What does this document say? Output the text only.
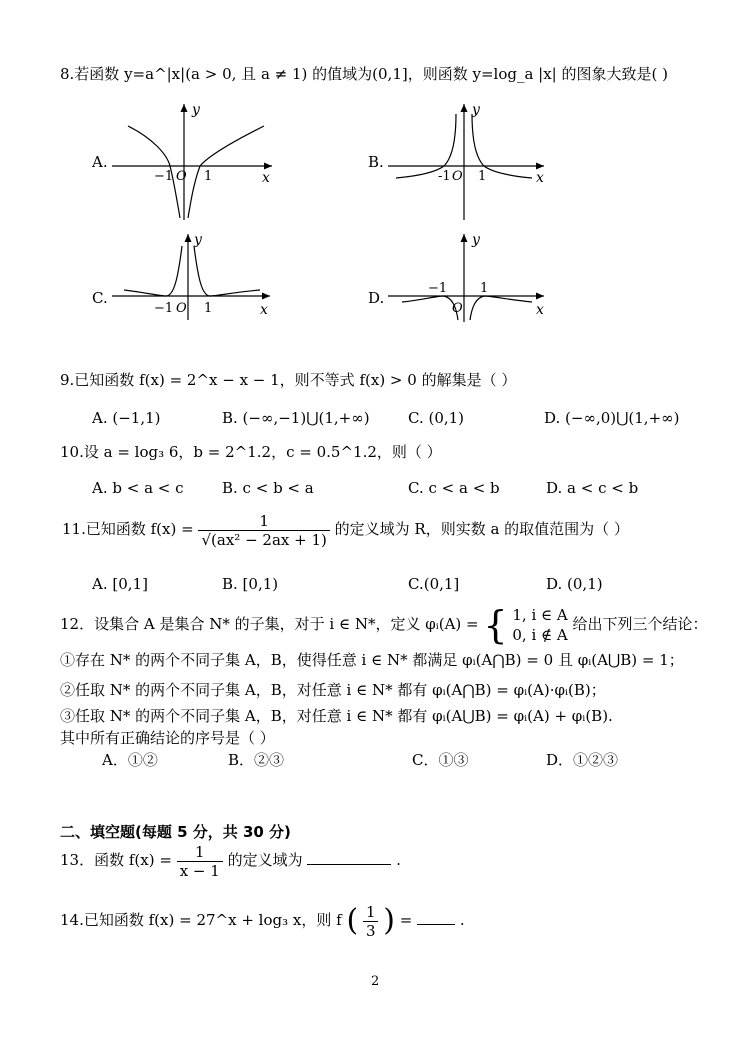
8.若函数 y=a^|x|(a > 0, 且 a ≠ 1) 的值域为(0,1]，则函数 y=log_a |x| 的图象大致是( )
A.
y
x
−1 O 1
B.
y
x
-1 O 1
C.
y
x
−1 O 1
D.
y
x
−1
O
1
9.已知函数 f(x) = 2^x − x − 1，则不等式 f(x) > 0 的解集是（ ）
A. (−1,1)	B. (−∞,−1)⋃(1,+∞)	C. (0,1)	D. (−∞,0)⋃(1,+∞)
10.设 a = log₃ 6，b = 2^1.2，c = 0.5^1.2，则（ ）
A. b < a < c	B. c < b < a	C. c < a < b	D. a < c < b
11.已知函数 $f(x) = \frac{1}{\text{√(ax² − 2ax + 1)}}$ 的定义域为 R，则实数 a 的取值范围为（ ）
A. [0,1]	B. [0,1)	C.(0,1]	D. (0,1)
12．设集合 A 是集合 N* 的子集，对于 i ∈ N*，定义 φᵢ(A) = { 1, i ∈ A
0, i ∉ A
给出下列三个结论：
①存在 N* 的两个不同子集 A，B，使得任意 i ∈ N* 都满足 φᵢ(A⋂B) = 0 且 φᵢ(A⋃B) = 1；
②任取 N* 的两个不同子集 A，B，对任意 i ∈ N* 都有 φᵢ(A⋂B) = φᵢ(A)·φᵢ(B)；
③任取 N* 的两个不同子集 A，B，对任意 i ∈ N* 都有 φᵢ(A⋃B) = φᵢ(A) + φᵢ(B).
其中所有正确结论的序号是（ ）
A．①②	B．②③	C．①③	D．①②③
二、填空题(每题 5 分，共 30 分)
13．函数 $f(x) = \frac{1}{x - 1}$ 的定义域为	.
14.已知函数 f(x) = 27^x + log₃ x，则 f ( $\frac{1}{3}$ ) =	.
2
